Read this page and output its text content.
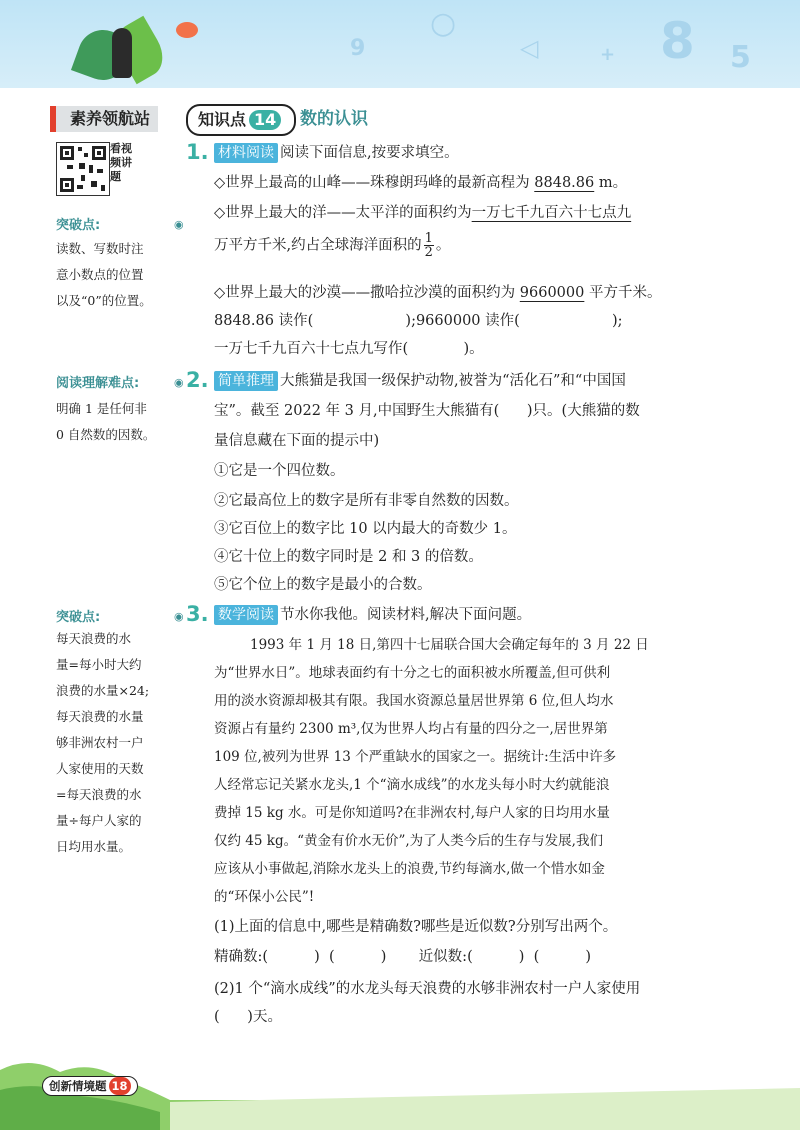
8 5
◁	+
○
9
素养领航站	知识点 14	数的认识
看视频讲题
突破点:	◉
读数、写数时注
意小数点的位置
以及“0”的位置。
阅读理解难点:	◉
明确 1 是任何非
0 自然数的因数。
突破点:	◉
每天浪费的水
量=每小时大约
浪费的水量×24;
每天浪费的水量
够非洲农村一户
人家使用的天数
=每天浪费的水
量÷每户人家的
日均用水量。
1. 材料阅读 阅读下面信息,按要求填空。
◇世界上最高的山峰——珠穆朗玛峰的最新高程为 8848.86 m。
◇世界上最大的洋——太平洋的面积约为一万七千九百六十七点九
万平方千米,约占全球海洋面积的 $\frac{1}{2}$ 。
◇世界上最大的沙漠——撒哈拉沙漠的面积约为 9660000 平方千米。
8848.86 读作(                    );9660000 读作(                    );
一万七千九百六十七点九写作(            )。
2. 简单推理 大熊猫是我国一级保护动物,被誉为“活化石”和“中国国
宝”。截至 2022 年 3 月,中国野生大熊猫有(      )只。(大熊猫的数
量信息藏在下面的提示中)
①它是一个四位数。
②它最高位上的数字是所有非零自然数的因数。
③它百位上的数字比 10 以内最大的奇数少 1。
④它十位上的数字同时是 2 和 3 的倍数。
⑤它个位上的数字是最小的合数。
3. 数学阅读 节水你我他。阅读材料,解决下面问题。
1993 年 1 月 18 日,第四十七届联合国大会确定每年的 3 月 22 日
为“世界水日”。地球表面约有十分之七的面积被水所覆盖,但可供利
用的淡水资源却极其有限。我国水资源总量居世界第 6 位,但人均水
资源占有量约 2300 m³,仅为世界人均占有量的四分之一,居世界第
109 位,被列为世界 13 个严重缺水的国家之一。据统计:生活中许多
人经常忘记关紧水龙头,1 个“滴水成线”的水龙头每小时大约就能浪
费掉 15 kg 水。可是你知道吗?在非洲农村,每户人家的日均用水量
仅约 45 kg。“黄金有价水无价”,为了人类今后的生存与发展,我们
应该从小事做起,消除水龙头上的浪费,节约每滴水,做一个惜水如金
的“环保小公民”!
(1)上面的信息中,哪些是精确数?哪些是近似数?分别写出两个。
精确数:(          )  (          )       近似数:(          )  (          )
(2)1 个“滴水成线”的水龙头每天浪费的水够非洲农村一户人家使用
(      )天。
创新情境题 18
